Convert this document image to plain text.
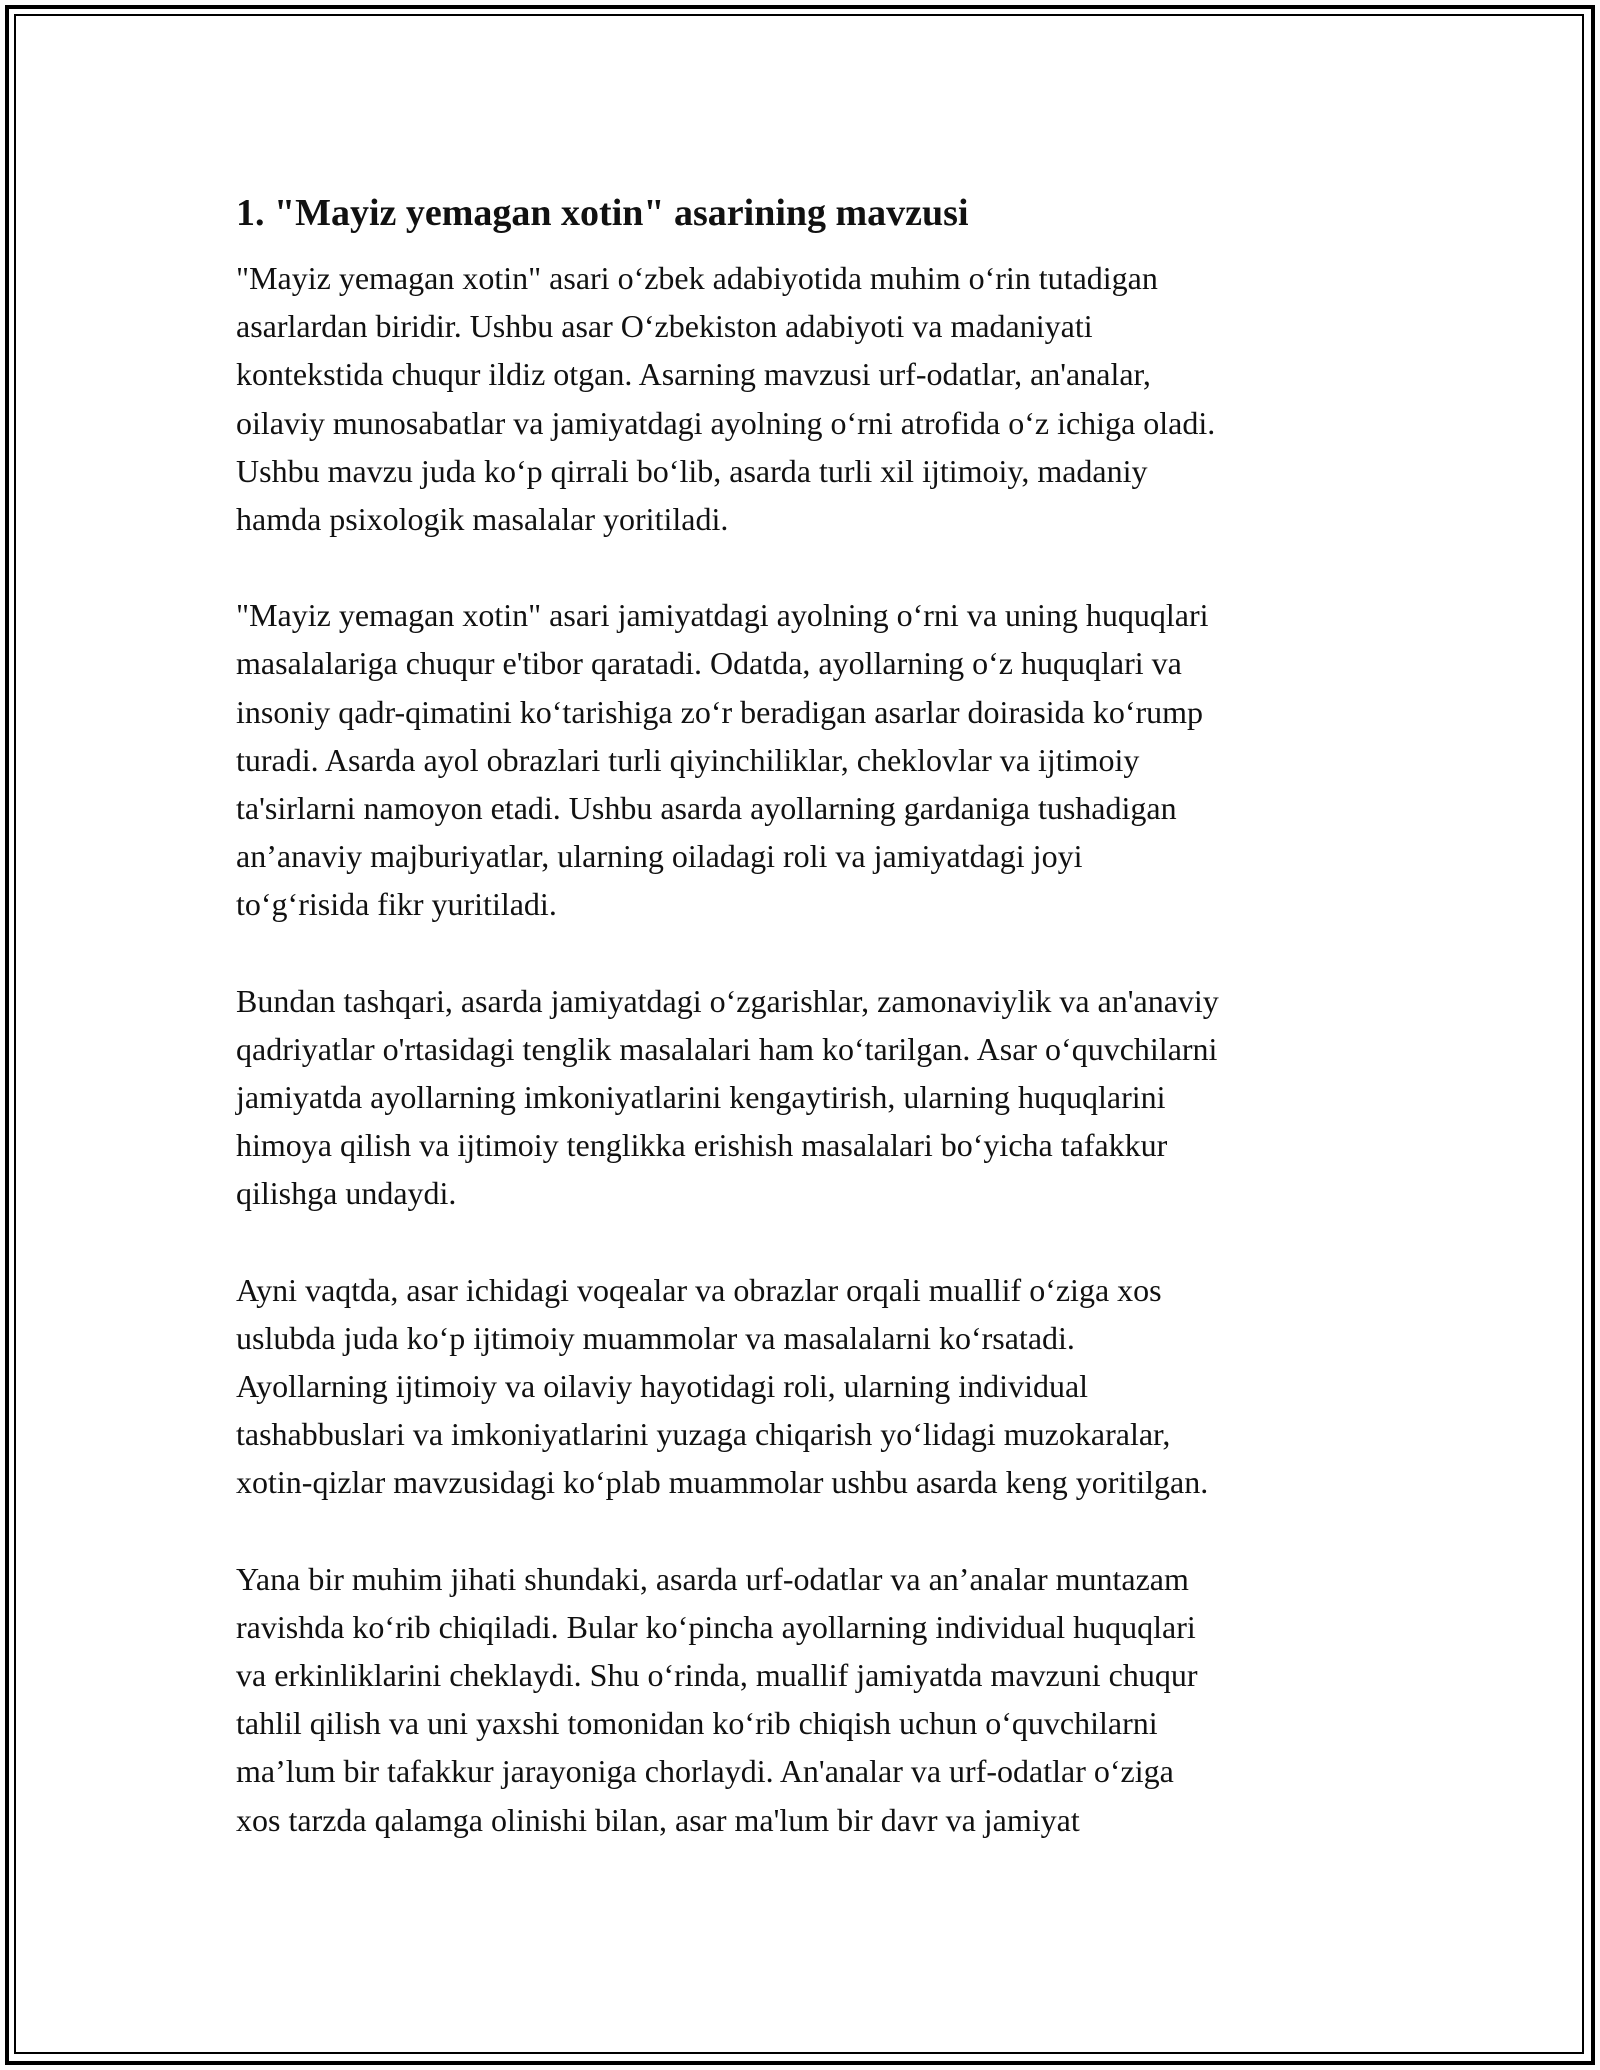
1. "Mayiz yemagan xotin" asarining mavzusi
"Mayiz yemagan xotin" asari o‘zbek adabiyotida muhim o‘rin tutadigan
asarlardan biridir. Ushbu asar O‘zbekiston adabiyoti va madaniyati
kontekstida chuqur ildiz otgan. Asarning mavzusi urf-odatlar, an'analar,
oilaviy munosabatlar va jamiyatdagi ayolning o‘rni atrofida o‘z ichiga oladi.
Ushbu mavzu juda ko‘p qirrali bo‘lib, asarda turli xil ijtimoiy, madaniy
hamda psixologik masalalar yoritiladi.
"Mayiz yemagan xotin" asari jamiyatdagi ayolning o‘rni va uning huquqlari
masalalariga chuqur e'tibor qaratadi. Odatda, ayollarning o‘z huquqlari va
insoniy qadr-qimatini ko‘tarishiga zo‘r beradigan asarlar doirasida ko‘rump
turadi. Asarda ayol obrazlari turli qiyinchiliklar, cheklovlar va ijtimoiy
ta'sirlarni namoyon etadi. Ushbu asarda ayollarning gardaniga tushadigan
an’anaviy majburiyatlar, ularning oiladagi roli va jamiyatdagi joyi
to‘g‘risida fikr yuritiladi.
Bundan tashqari, asarda jamiyatdagi o‘zgarishlar, zamonaviylik va an'anaviy
qadriyatlar o'rtasidagi tenglik masalalari ham ko‘tarilgan. Asar o‘quvchilarni
jamiyatda ayollarning imkoniyatlarini kengaytirish, ularning huquqlarini
himoya qilish va ijtimoiy tenglikka erishish masalalari bo‘yicha tafakkur
qilishga undaydi.
Ayni vaqtda, asar ichidagi voqealar va obrazlar orqali muallif o‘ziga xos
uslubda juda ko‘p ijtimoiy muammolar va masalalarni ko‘rsatadi.
Ayollarning ijtimoiy va oilaviy hayotidagi roli, ularning individual
tashabbuslari va imkoniyatlarini yuzaga chiqarish yo‘lidagi muzokaralar,
xotin-qizlar mavzusidagi ko‘plab muammolar ushbu asarda keng yoritilgan.
Yana bir muhim jihati shundaki, asarda urf-odatlar va an’analar muntazam
ravishda ko‘rib chiqiladi. Bular ko‘pincha ayollarning individual huquqlari
va erkinliklarini cheklaydi. Shu o‘rinda, muallif jamiyatda mavzuni chuqur
tahlil qilish va uni yaxshi tomonidan ko‘rib chiqish uchun o‘quvchilarni
ma’lum bir tafakkur jarayoniga chorlaydi. An'analar va urf-odatlar o‘ziga
xos tarzda qalamga olinishi bilan, asar ma'lum bir davr va jamiyat
